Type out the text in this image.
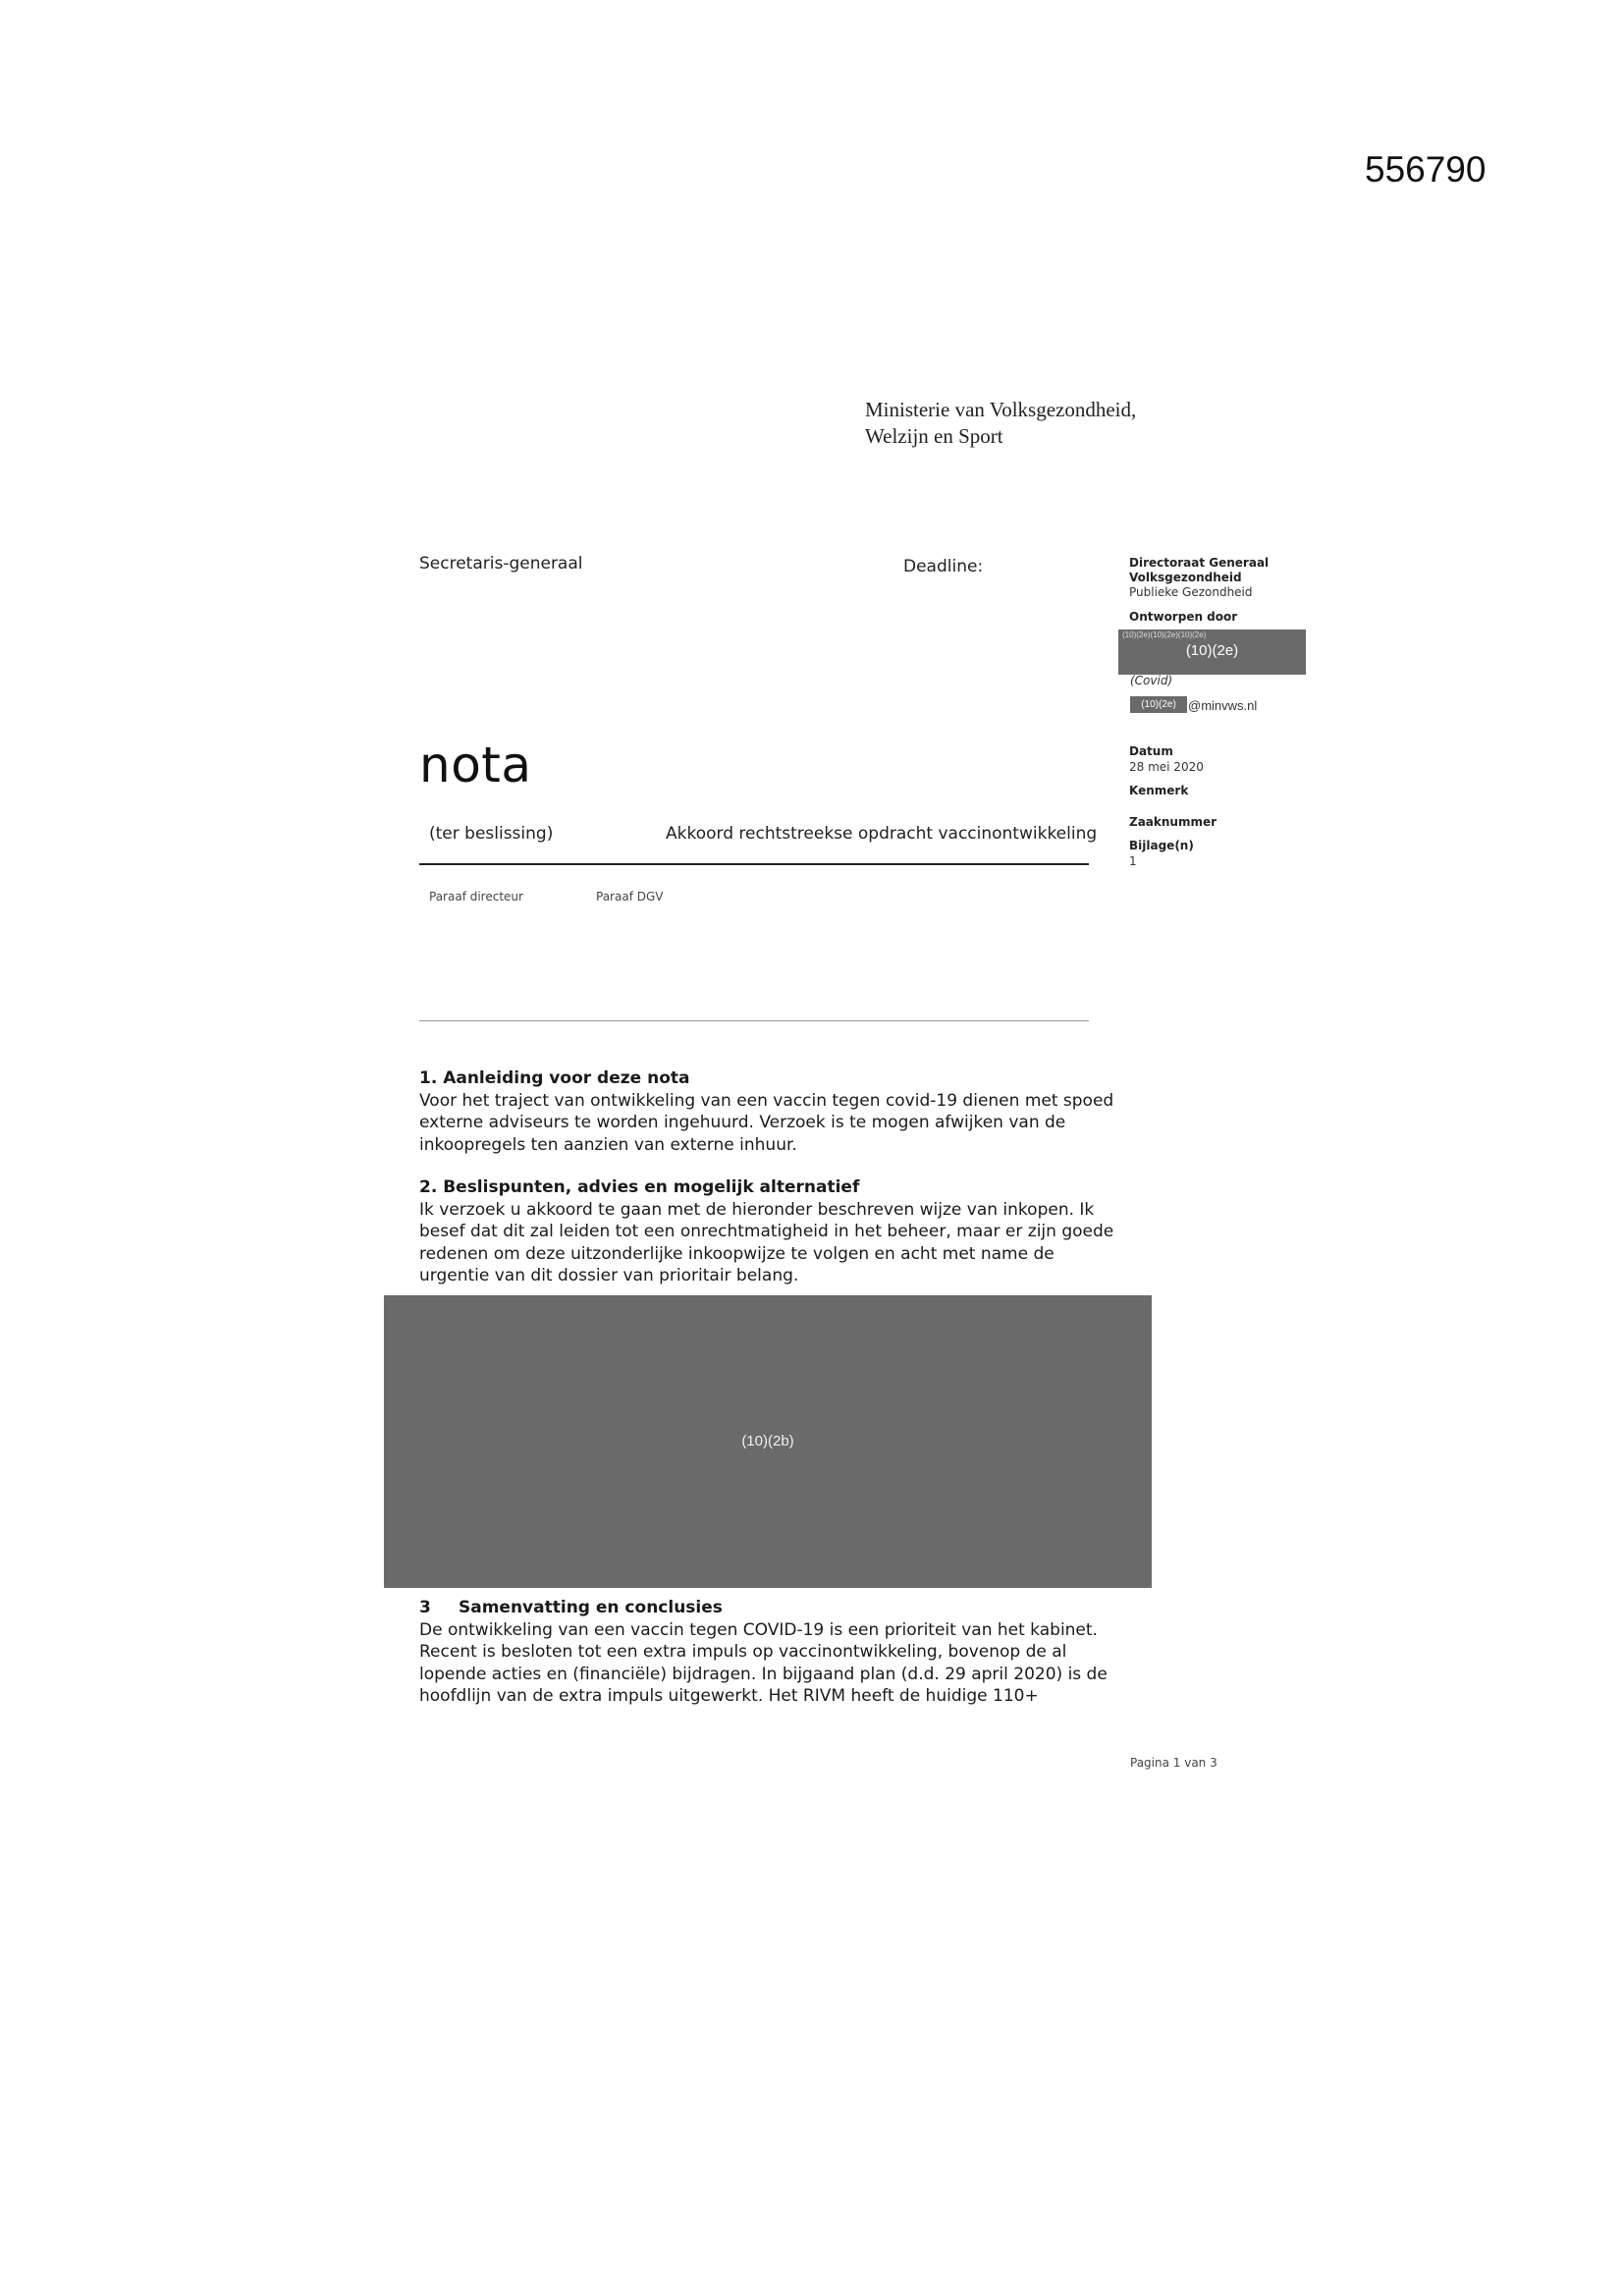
556790
Ministerie van Volksgezondheid,
Welzijn en Sport
Secretaris-generaal	Deadline:	Directoraat Generaal
Volksgezondheid
Publieke Gezondheid
Ontworpen door
(10)(2e)(10)(2e)(10)(2e)
(10)(2e)
(Covid)
(10)(2e) @minvws.nl
Datum
28 mei 2020
Kenmerk
Zaaknummer
Bijlage(n)
1
nota
(ter beslissing)	Akkoord rechtstreekse opdracht vaccinontwikkeling
Paraaf directeur	Paraaf DGV
1. Aanleiding voor deze nota
Voor het traject van ontwikkeling van een vaccin tegen covid-19 dienen met spoed
externe adviseurs te worden ingehuurd. Verzoek is te mogen afwijken van de
inkoopregels ten aanzien van externe inhuur.
2. Beslispunten, advies en mogelijk alternatief
Ik verzoek u akkoord te gaan met de hieronder beschreven wijze van inkopen. Ik
besef dat dit zal leiden tot een onrechtmatigheid in het beheer, maar er zijn goede
redenen om deze uitzonderlijke inkoopwijze te volgen en acht met name de
urgentie van dit dossier van prioritair belang.
(10)(2b)
3 Samenvatting en conclusies
De ontwikkeling van een vaccin tegen COVID-19 is een prioriteit van het kabinet.
Recent is besloten tot een extra impuls op vaccinontwikkeling, bovenop de al
lopende acties en (financiële) bijdragen. In bijgaand plan (d.d. 29 april 2020) is de
hoofdlijn van de extra impuls uitgewerkt. Het RIVM heeft de huidige 110+
Pagina 1 van 3
